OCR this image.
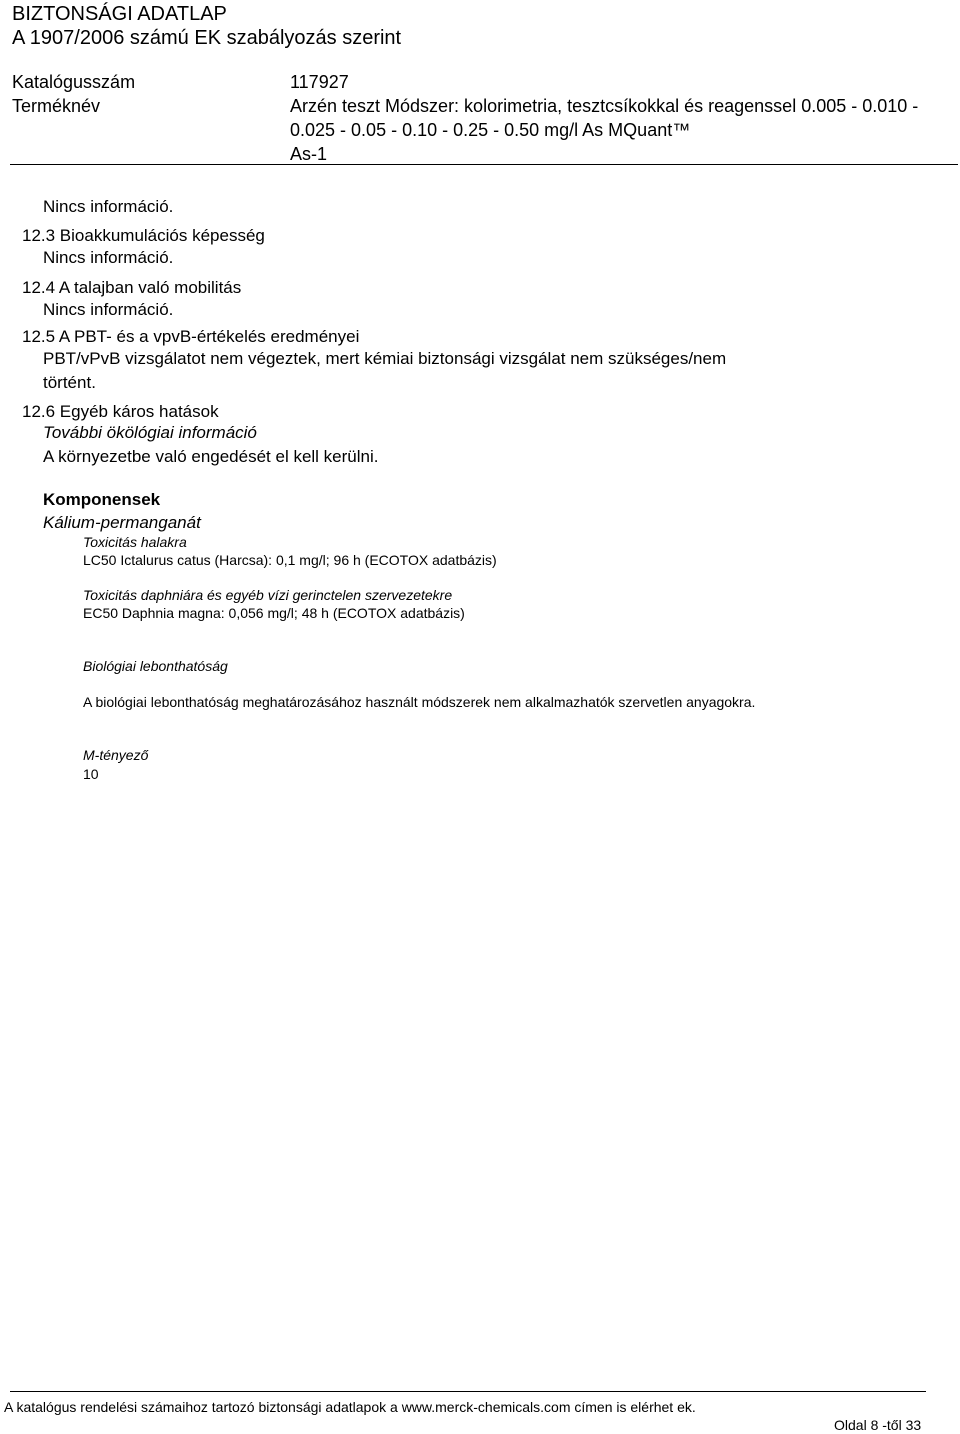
BIZTONSÁGI ADATLAP
A 1907/2006 számú EK szabályozás szerint
Katalógusszám	117927
Terméknév	Arzén teszt Módszer: kolorimetria, tesztcsíkokkal és reagenssel 0.005 - 0.010 -
0.025 - 0.05 - 0.10 - 0.25 - 0.50 mg/l As MQuant™
As-1
Nincs információ.
12.3 Bioakkumulációs képesség
Nincs információ.
12.4 A talajban való mobilitás
Nincs információ.
12.5 A PBT- és a vpvB-értékelés eredményei
PBT/vPvB vizsgálatot nem végeztek, mert kémiai biztonsági vizsgálat nem szükséges/nem
történt.
12.6 Egyéb káros hatások
További ökölógiai információ
A környezetbe való engedését el kell kerülni.
Komponensek
Kálium-permanganát
Toxicitás halakra
LC50 Ictalurus catus (Harcsa): 0,1 mg/l; 96 h (ECOTOX adatbázis)
Toxicitás daphniára és egyéb vízi gerinctelen szervezetekre
EC50 Daphnia magna: 0,056 mg/l; 48 h (ECOTOX adatbázis)
Biológiai lebonthatóság
A biológiai lebonthatóság meghatározásához használt módszerek nem alkalmazhatók szervetlen anyagokra.
M-tényező
10
A katalógus rendelési számaihoz tartozó biztonsági adatlapok a www.merck-chemicals.com címen is elérhet ek.
Oldal 8 -től 33
